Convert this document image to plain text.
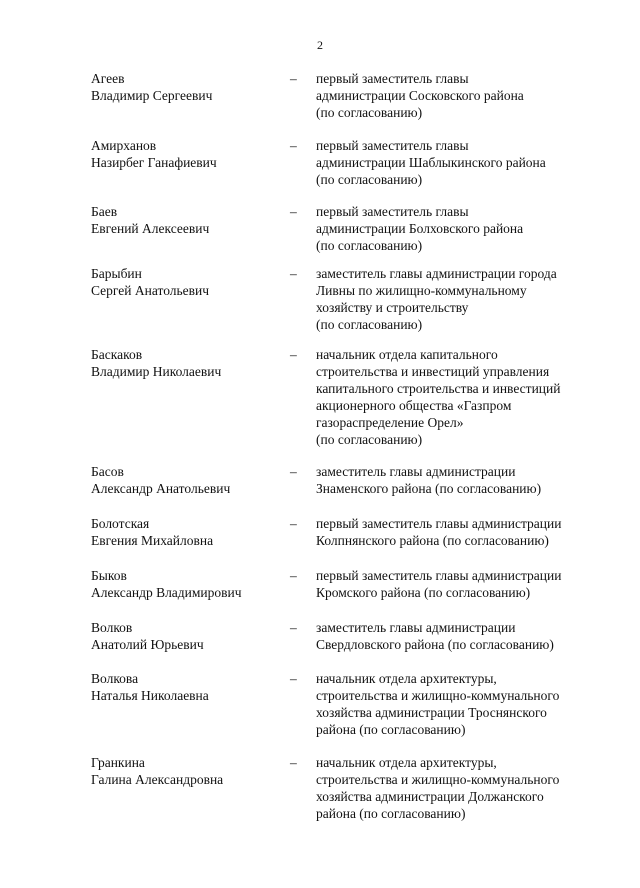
2
Агеев
Владимир Сергеевич
– первый заместитель главы
администрации Сосковского района
(по согласованию)
Амирханов
Назирбег Ганафиевич
– первый заместитель главы
администрации Шаблыкинского района
(по согласованию)
Баев
Евгений Алексеевич
– первый заместитель главы
администрации Болховского района
(по согласованию)
Барыбин
Сергей Анатольевич
– заместитель главы администрации города
Ливны по жилищно-коммунальному
хозяйству и строительству
(по согласованию)
Баскаков
Владимир Николаевич
– начальник отдела капитального
строительства и инвестиций управления
капитального строительства и инвестиций
акционерного общества «Газпром
газораспределение Орел»
(по согласованию)
Басов
Александр Анатольевич
– заместитель главы администрации
Знаменского района (по согласованию)
Болотская
Евгения Михайловна
– первый заместитель главы администрации
Колпнянского района (по согласованию)
Быков
Александр Владимирович
– первый заместитель главы администрации
Кромского района (по согласованию)
Волков
Анатолий Юрьевич
– заместитель главы администрации
Свердловского района (по согласованию)
Волкова
Наталья Николаевна
– начальник отдела архитектуры,
строительства и жилищно-коммунального
хозяйства администрации Троснянского
района (по согласованию)
Гранкина
Галина Александровна
– начальник отдела архитектуры,
строительства и жилищно-коммунального
хозяйства администрации Должанского
района (по согласованию)
